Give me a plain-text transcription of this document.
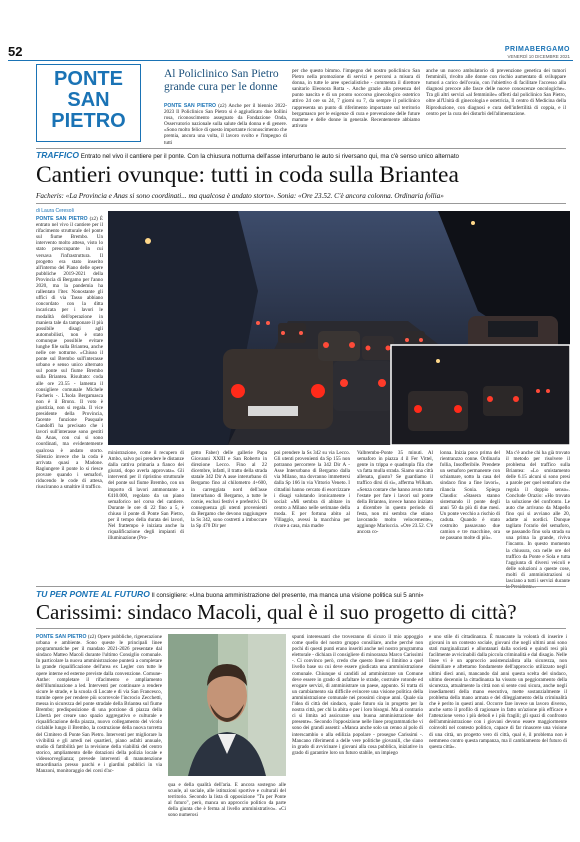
52	PRIMABERGAMO
VENERDÌ 10 DICEMBRE 2021
PONTE
SAN
PIETRO
Al Policlinico San Pietro grande cura per le donne
PONTE SAN PIETRO (z2) Anche per il biennio 2022-2023 Il Policlinico San Pietro si è aggiudicato due bollini rosa, riconoscimento assegnato da Fondazione Onda, Osservatorio nazionale sulla salute della donna e di genere. «Sono molto felice di questo importante riconoscimento che premia, ancora una volta, il lavoro svolto e l'impegno di tutti
per che questo bimmo. l'impegno del nostro policlinico San Pietro nella promozione di servizi e percorsi a misura di donna, in tutte le aree specialistiche - commenta il direttore sanitario Eleonora Rotta -. Anche grazie alla presenza del punto nascita e di un pronto soccorso ginecologico ostetrico attivo 24 ore su 24, 7 giorni su 7, da sempre il policlinico rappresenta un punto di riferimento importante sul territorio bergamasco per le esigenze di cura e prevenzione delle future mamme e delle donne in generale. Recentemente abbiamo attivato
anche un nuovo ambulatorio di prevenzione genetica dei tumori femminili, rivolto alle donne con rischio aumentato di sviluppare tumori a carico dell'ovaio, con l'obiettivo di facilitare l'accesso alla diagnosi precoce alle fasce delle nuove conoscenze oncologiche». Tra gli altri servizi «al femminile» offerti dal policlinico San Pietro, oltre all'Unità di ginecologia e ostetricia, Il centro di Medicina della Riproduzione, con diagnosi e cura dell'infertilità di coppia, e il centro per la cura dei disturbi dell'alimentazione.
TRAFFICO Entrato nel vivo il cantiere per il ponte. Con la chiusura notturna dell'asse interurbano le auto si riversano qui, ma c'è senso unico alternato
Cantieri ovunque: tutti in coda sulla Briantea
Facheris: «La Provincia e Anas si sono coordinati... ma qualcosa è andato storto». Sonia: «Ore 23.52. C'è ancora colonna. Ordinaria follia»
di Laura Ceresoli
PONTE SAN PIETRO (z2) È entrato nel vivo il cantiere per il rifacimento strutturale del ponte sul fiume Brembo. Un intervento molto atteso, visto lo stato preoccupante in cui versava l'infrastruttura. Il progetto era stato inserito all'interno del Piano delle opere pubbliche 2019-2021 della Provincia di Bergamo per l'anno 2020, ma la pandemia ha rallentato l'iter. Nonostante gli uffici di via Tasso abbiano concordato con la ditta incaricata per i lavori le modalità dell'operazione in maniera tale da tamponare il più possibile disagi agli automobilisti, non è stato comunque possibile evitare lunghe file sulla Briantea, anche nelle ore notturne. «Chiuso il ponte sul Brembo sull'interasse urbano e senso unico alternato sul ponte sul fiume Brembo sulla Briantea. Risultato: coda alle ore 23.55 - lamenta il consigliere comunale Michele Facheris -. L'Isola Bergamasca non è il Bronx. Il voto è giustizia, non si regala. Il vice presidente della Provincia, facente funzione Pasquale Gandolfi ha precisato che i lavori sull'interasse sono gestiti da Anas, con cui si sono coordinati, ma evidentemente qualcosa è andato storto. Silenzio invece che la coda è arrivata quasi a Madone. Ragiungere il ponte lo si riesce provare quando i semafori, riducendo le code di attesa, riusciranno a smaltire il traffico.
ministrazione, come il recupero di Ambo, salvo poi prendere le distanze dalla cattiva primaria a fianco dei giurati, dopo averla approvata». Gli interventi per il ripristino strutturale del ponte sul fiume Brembo, con un importo di lavori ammontante a €410.000, regolato da un piano semaforico nel corso del cantiere. Durante le ore di 22 fino a 5, è chiuso il ponte di Ponte San Pietro, per il tempo della durata dei lavori, Nel frattempo è iniziata anche la riqualificazione degli impianti di illuminazione (Pro-
getto Faber) delle gallerie Papa Giovanni XXIII e San Roberto in direzione Lecco. Fino al 22 dicembre, infatti, il tratto della strada statale 342 Dir A asse interurbano di Bergamo fino al chilometro 4+600, in carreggiata nord dell'asse Interurbano di Bergamo, a tutte le corsie, esclusi festivi e prefestivi. Di conseguenza gli utenti provenienti da Bergamo che devono raggiungere la Ss 342, sono costretti a imboccare la Sp 470 Dir per
poi prendere la Ss 342 su via Lecco. Gli utenti provenienti da Sp 155 non potranno percorrere la 342 Dir A - Asse Interurbano di Bergamo dalla via Milano, ma dovranno immettersi dalla Sp 166 in via Vittorio Veneto. I cittadini hanno cercato di esorcizzare i disagi valutando ironicamente i social: «Mi sembra di abitare in centro a Milano nelle serimane della moda. E per fortuna abito al Villaggio, avessi la macchina per rivare a casa, mia madre
Valbrembo-Ponte 35 minuti. Al semaforo in piazza 4 il Fer Vittel, gente in trippa e quadrupla fila che va fatta mulla strada. Siamo una città allenata, giusto? Se guardiamo il traffico dirsi di sì», afferma Wilkam. «Senza contare che hanno avuto tutta l'estate per fare i lavori sul ponte della Briantea, invece hanno iniziato a dicembre in questo periodo di festa, non mi sembra che stiano lavorando molto velocemente», aggiunge Mariuccia. «Ore 23.52. C'è ancora co-
lonna. Inizia poco prima del rientranzzo conne. Ordinaria follia, Insofferibile. Prendete un semaforo permanente con schiamare, sotto la casa del sindaco fino a fine lavori», rilancia Sonia. Spiega Claudio: «Stasera stanno sistemando il ponte degli anni '50 da più di due mesi. Un ponte vecchio a rischio di caduta. Quando è stato costruito passavano due camion e tre macchine, ora ne passano molte di più».
Ma c'è anche chi ha già trovato il metodo per risolvere il problema del traffico sulla Briantea: «Lo smistamento delle 6.15 alcuni si sono presi a parole per quel semaforo che regola il doppio senso». Conclude Orazio: «Ho trovato la soluzione del confronto. Le auto che arrivano da Mapello fino qui si avviano alle 20, adatte ai nordici. Dunque tagliato l'orario del semaforo, se passando fino sola strada su una prima la grande, riviva l'incanto. In questo momento la chiusura, ora nelle ore del traffico da Ponte e Sola e tutta l'aggiunta di diversi veicoli e delle soluzioni a queste cose, molti di amministrazioni si lasciano a tutti i servizi durante la Presidente».
TU PER PONTE AL FUTURO Il consigliere: «Una buona amministrazione del presente, ma manca una visione politica sui 5 anni»
Carissimi: sindaco Macoli, qual è il suo progetto di città?
PONTE SAN PIETRO (z2) Opere pubbliche, rigenerazione urbana e ambiente. Sono queste le principali linee programmatiche per il mandato 2021-2026 presentate dal sindaco Matteo Macoli durante l'ultimo Consiglio comunale. In particolare la nuova amministrazione punterà a completare la grande riqualificazione dell'area ex Legler con tutte le opere interne ed esterne previste dalla convenzione. Comune-Anthe: completare il rifacimento e ampliamento dell'illuminazione a led. Interventi per continuare a rendere sicure le strade, e la scuola di Locate e di via San Francesco, tramite opere per rendere più scorrevole l'incrocio Zecchetti, messa in sicurezza del ponte stradale della Briantea sul fiume Brembo; predisposizione di una porzione di piazza della Libertà per creare uno spazio aggregativo e culturale e riqualificazione della piazza, nuovo collegamento del vicolo ciclabile lungo il Brembo, la costruzione della nuova torretta del Cimitero di Ponte San Pietro. Interventi per migliorare la vivibilità e gli arredi nei quartieri, piano asfalti annuale, studio di fattibilità per la revisione della viabilità del centro storico, ampliamento delle dotazioni della polizia locale e videosorveglianza; prevede interventi di manutenzione straordinaria presso parchi e i giardini pubblici in via Manzoni, monitoraggio dei corsi d'ac-
qua e della qualità dell'aria. E ancora sostegno alle scuole, al sociale, alle istituzioni sportive e culturali del territorio. Secondo la lista di opposizione "Tu per Ponte al futuro", però, manca un approccio politico da parte della giunta che è ferma al livello amministrativo». «Ci sono numerosi
spunti interessanti che troveranno di sicuro il mio appoggio come quello del nostro gruppo consiliare, anche perché non pochi di questi punti erano inseriti anche nel nostro programma elettorale - dichiara il consigliere di minoranza Marco Carissimi -. Ci convinco però, credo che questo linee si limitino a quel livello base su cui deve essere giudicata una amministrazione comunale. Chiunque si candidi ad amministrare un Comune deve essere in grado di asfaltare le strade, costruire rotonde ed erogare servizi, di amministrare un paese, appunto. Si tratta di un cambiamento sia difficile evincere una visione politica della amministrazione comunale nei prossimi cinque anni. Quale sia l'idea di città del sindaco, quale futuro sia in progetto per la nostra città, per chi la abita e per i loro bisogni. Ma al contrario ci si limita ad assicurare una buona amministrazione del presente». Secondo l'opposizione nelle linee programmatiche vi sono dei grandi assenti: «Manca anche solo un cenno al polo di interscambio o alla edilizia popolare - prosegue Carissimi -. Mancano riferimenti a delle vere politiche giovanili, che siano in grado di avvicinare i giovani alla cosa pubblica, iniziative in grado di garantire loro un futuro stabile, un impiego
e uno stile di cittadinanza. È mancante la volontà di inserire i giovani in un contesto sociale, giovani che negli ultimi anni sono stati marginalizzati e allontanati dalla società e quindi resi più facilmente avvicinabili dalla piccola criminalità e dal disagio. Nelle linee vi è un approccio assistenzialista alla sicurezza, non disimiliare e aftettamo fondamente dell'approccio utilizzato negli ultimi dieci anni, mancando dal anni questa scelta del sindaco, ultimo decennio la cittadinanza ha vissuto un peggioramento della sicurezza, attualmente la città non si sente così sicura, anche negli insediamenti della mano esecutiva, mette sostanzialmente il problema della mano armata e del dileggiamento della criminalità che è perito in questi anni. Occorre fare invece un lavoro diverso, anche sotto il profilo di ragionare in fatto un'azione più efficace e l'attenzione verso i più deboli e i più fragili; gli spazi di confronto dell'amministrazione con i giovani devono essere maggiormente coinvolti nel contesto politico, capace di far rinascere una visione di una città, un progetto vero di città, qual è, il problema non è nemmeno contro questa rampanza, ma il cambiamento del futuro di questa città».
